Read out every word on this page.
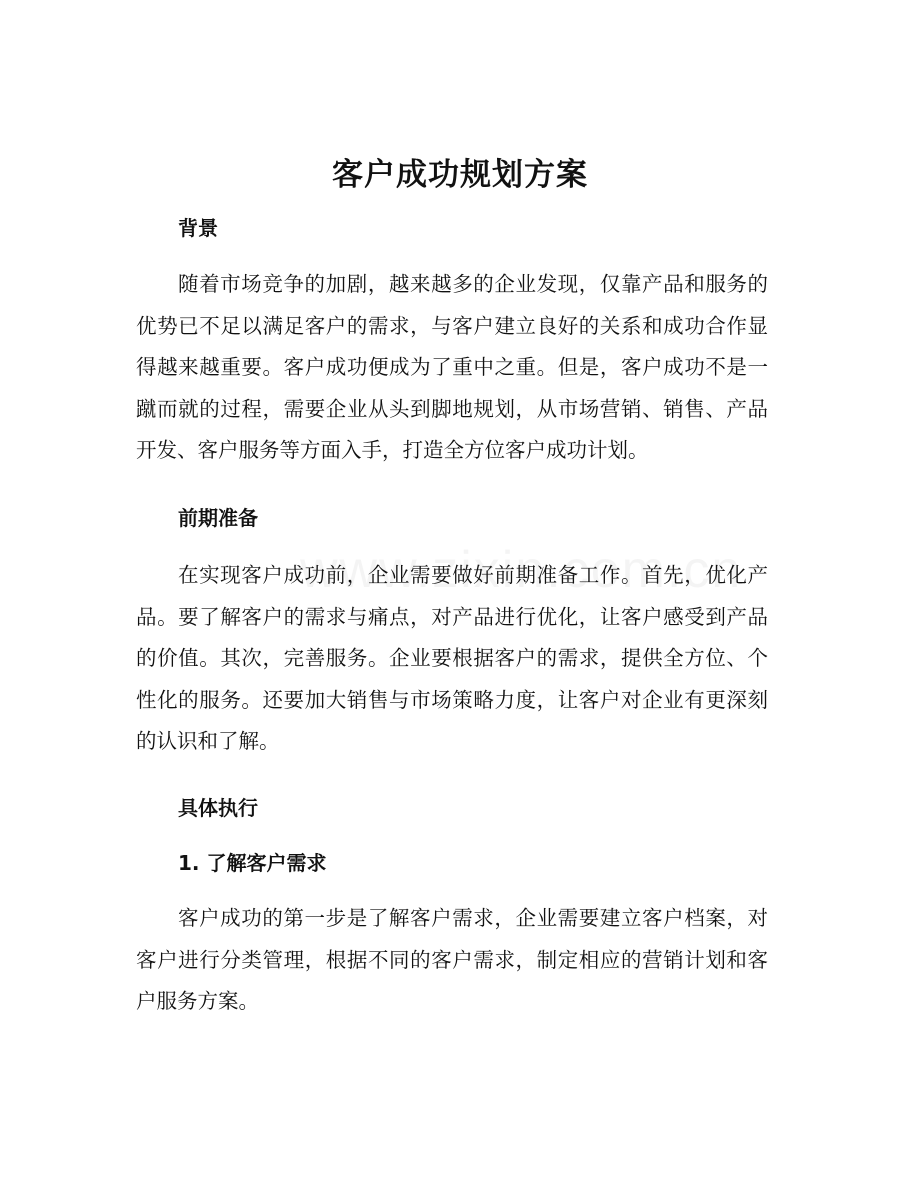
客户成功规划方案
背景

随着市场竞争的加剧，越来越多的企业发现，仅靠产品和服务的优势已不足以满足客户的需求，与客户建立良好的关系和成功合作显得越来越重要。客户成功便成为了重中之重。但是，客户成功不是一蹴而就的过程，需要企业从头到脚地规划，从市场营销、销售、产品开发、客户服务等方面入手，打造全方位客户成功计划。

前期准备

在实现客户成功前，企业需要做好前期准备工作。首先，优化产品。要了解客户的需求与痛点，对产品进行优化，让客户感受到产品的价值。其次，完善服务。企业要根据客户的需求，提供全方位、个性化的服务。还要加大销售与市场策略力度，让客户对企业有更深刻的认识和了解。

具体执行
1. 了解客户需求

客户成功的第一步是了解客户需求，企业需要建立客户档案，对客户进行分类管理，根据不同的客户需求，制定相应的营销计划和客户服务方案。
